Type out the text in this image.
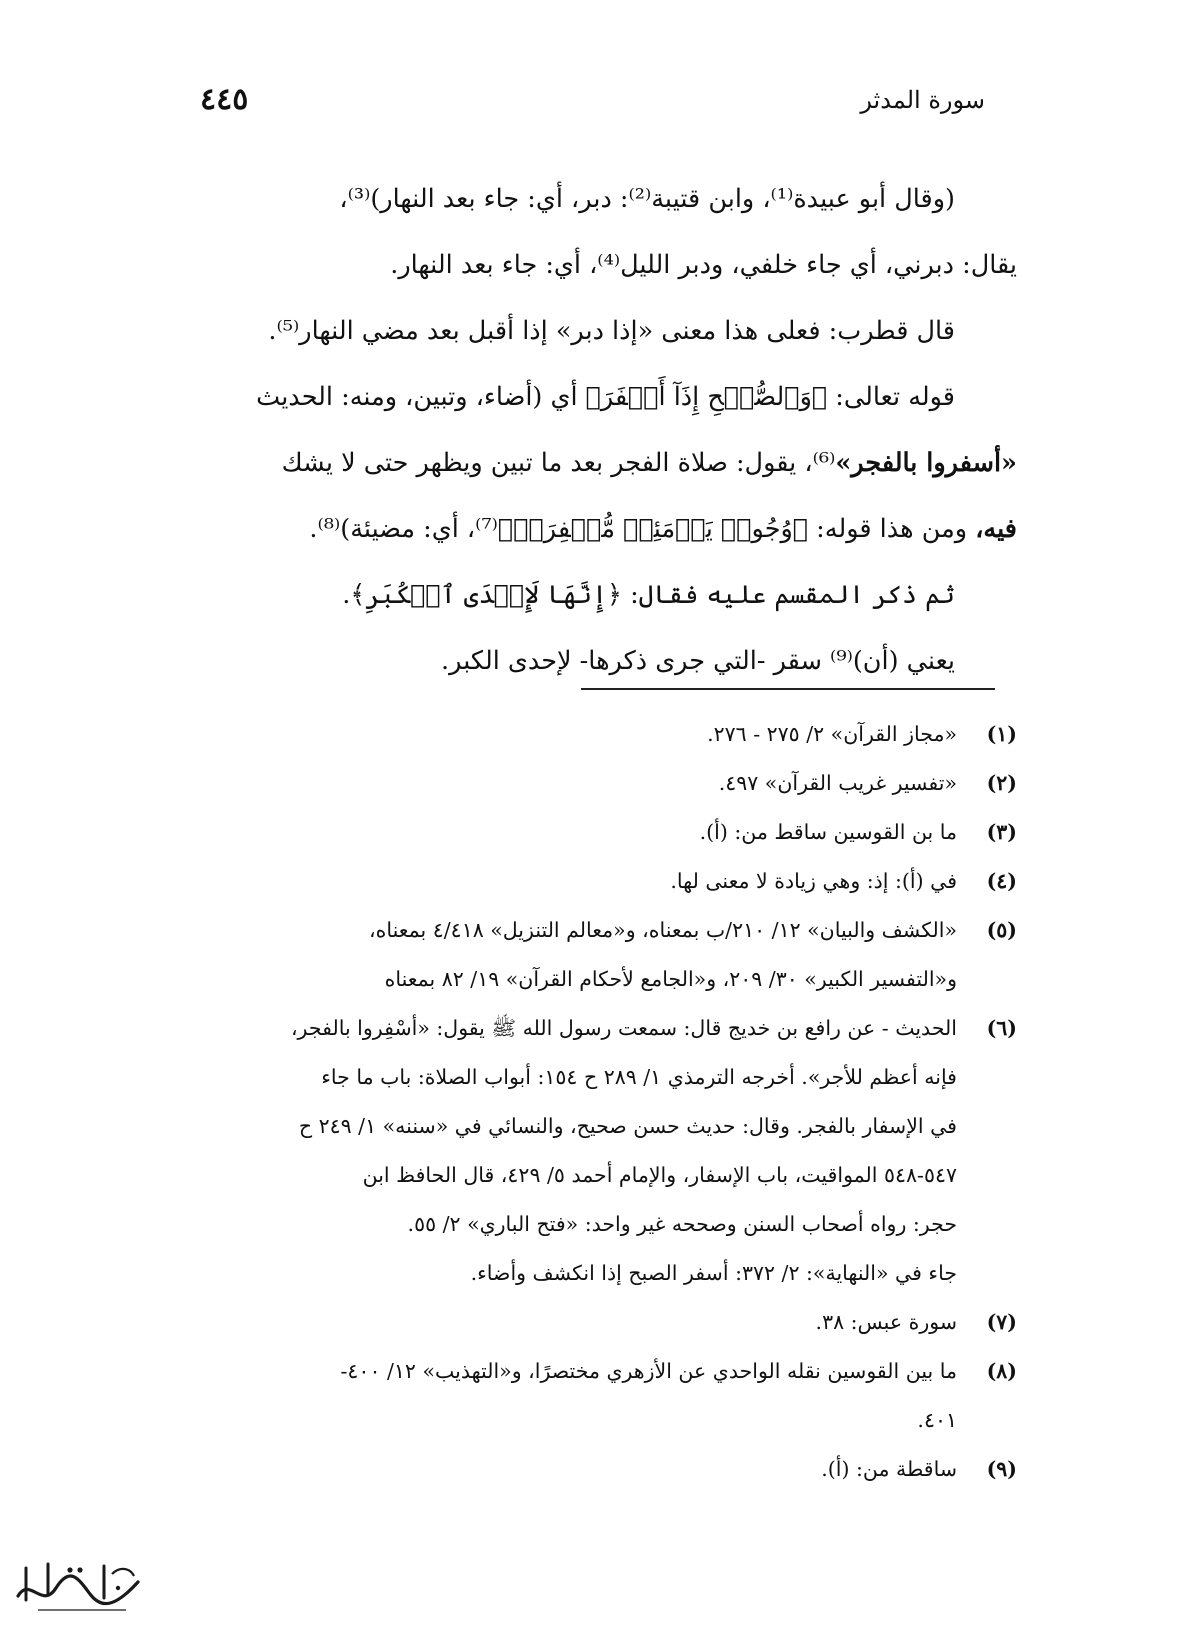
سورة المدثر
٤٤٥

(وقال أبو عبيدة⁽¹⁾، وابن قتيبة⁽²⁾: دبر، أي: جاء بعد النهار)⁽³⁾،

يقال: دبرني، أي جاء خلفي، ودبر الليل⁽⁴⁾، أي: جاء بعد النهار.

قال قطرب: فعلى هذا معنى «إذا دبر» إذا أقبل بعد مضي النهار⁽⁵⁾.

قوله تعالى: ﴿وَٱلصُّبۡحِ إِذَآ أَسۡفَرَ﴾ أي (أضاء، وتبين، ومنه: الحديث

«أسفروا بالفجر»⁽⁶⁾، يقول: صلاة الفجر بعد ما تبين ويظهر حتى لا يشك

فيه، ومن هذا قوله: ﴿وُجُوهٞ يَوۡمَئِذٖ مُّسۡفِرَةٞ﴾⁽⁷⁾، أي: مضيئة)⁽⁸⁾.

ثم ذكر المقسم عليه فقال: ﴿إِنَّهَا لَإِحۡدَى ٱلۡكُبَرِ﴾.

يعني (أن)⁽⁹⁾ سقر -التي جرى ذكرها- لإحدى الكبر.

(١)
«مجاز القرآن» ٢/ ٢٧٥ - ٢٧٦.
(٢)
«تفسير غريب القرآن» ٤٩٧.
(٣)
ما بن القوسين ساقط من: (أ).
(٤)
في (أ): إذ: وهي زيادة لا معنى لها.
(٥)
«الكشف والبيان» ١٢/ ٢١٠/ب بمعناه، و«معالم التنزيل» ٤/٤١٨ بمعناه،
و«التفسير الكبير» ٣٠/ ٢٠٩، و«الجامع لأحكام القرآن» ١٩/ ٨٢ بمعناه
(٦)
الحديث - عن رافع بن خديج قال: سمعت رسول الله ﷺ يقول: «أسْفِروا بالفجر،
فإنه أعظم للأجر». أخرجه الترمذي ١/ ٢٨٩ ح ١٥٤: أبواب الصلاة: باب ما جاء
في الإسفار بالفجر. وقال: حديث حسن صحيح، والنسائي في «سننه» ١/ ٢٤٩ ح
٥٤٧-٥٤٨ المواقيت، باب الإسفار، والإمام أحمد ٥/ ٤٢٩، قال الحافظ ابن
حجر: رواه أصحاب السنن وصححه غير واحد: «فتح الباري» ٢/ ٥٥.
جاء في «النهاية»: ٢/ ٣٧٢: أسفر الصبح إذا انكشف وأضاء.
(٧)
سورة عبس: ٣٨.
(٨)
ما بين القوسين نقله الواحدي عن الأزهري مختصرًا، و«التهذيب» ١٢/ ٤٠٠-
٤٠١.
(٩)
ساقطة من: (أ).
